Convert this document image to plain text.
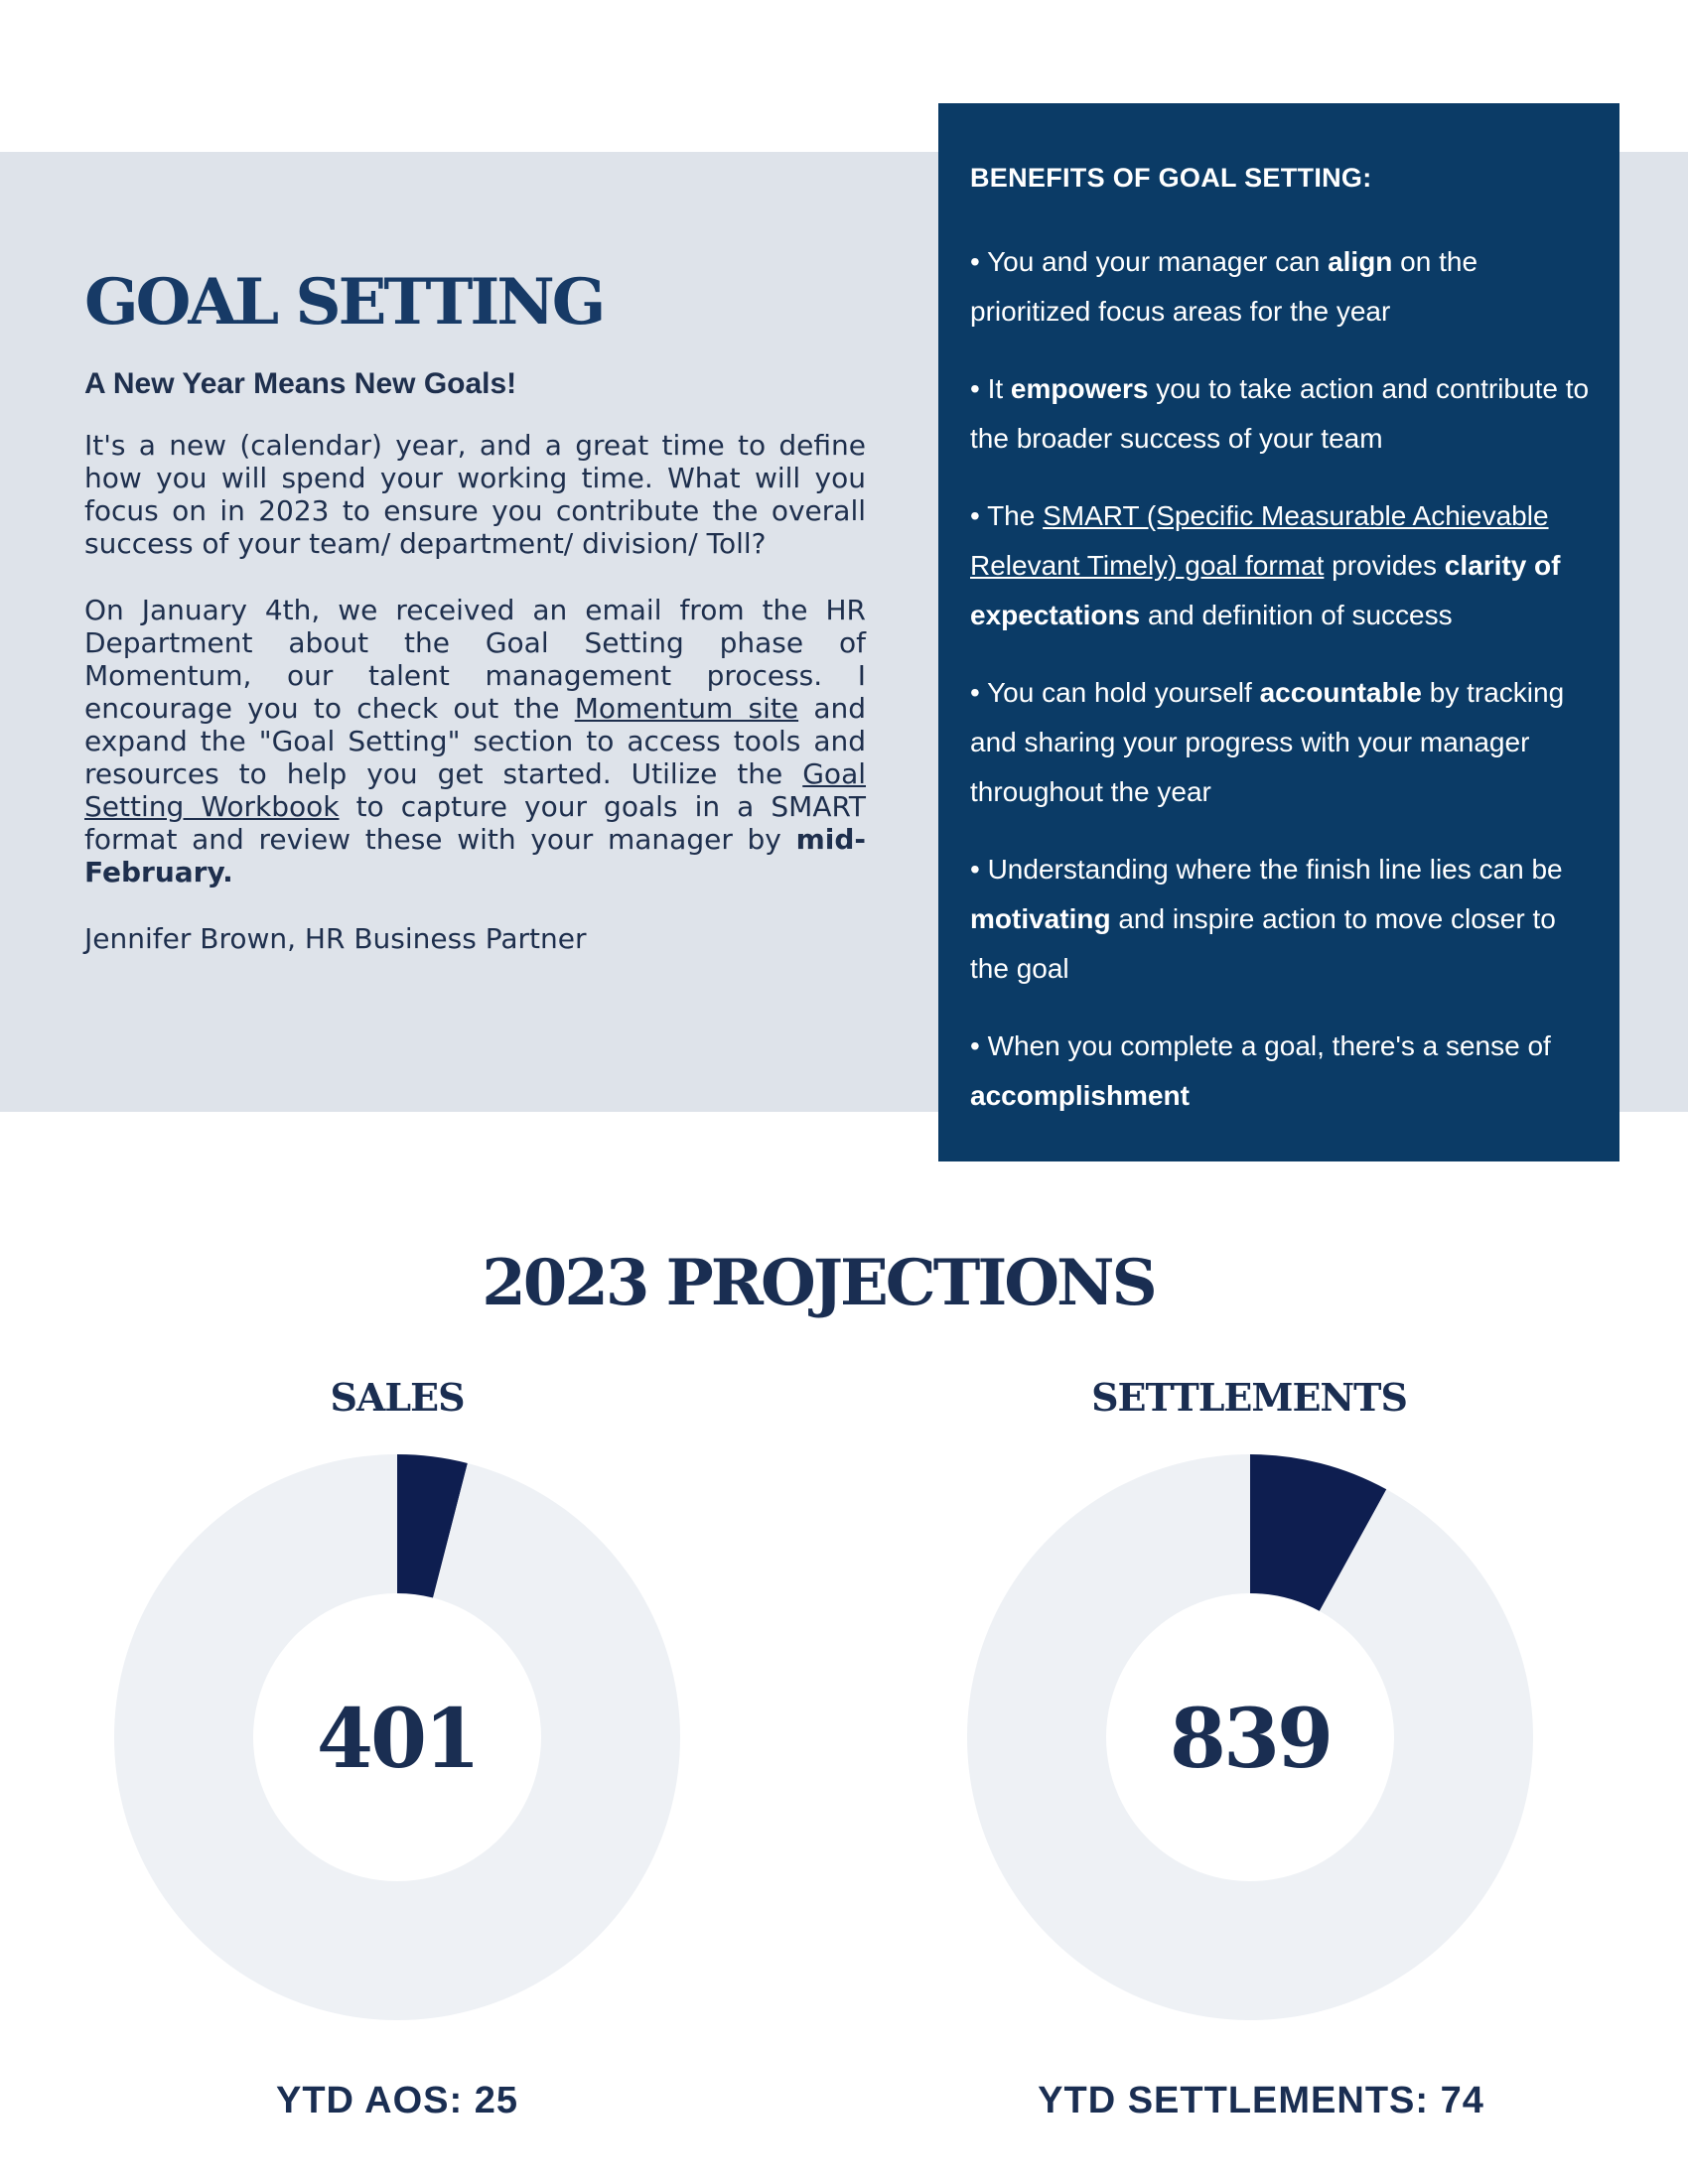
GOAL SETTING

A New Year Means New Goals!

It's a new (calendar) year, and a great time to define how you will spend your working time. What will you focus on in 2023 to ensure you contribute the overall success of your team/ department/ division/ Toll?

On January 4th, we received an email from the HR Department about the Goal Setting phase of Momentum, our talent management process. I encourage you to check out the Momentum site and expand the "Goal Setting" section to access tools and resources to help you get started. Utilize the Goal Setting Workbook to capture your goals in a SMART format and review these with your manager by mid-February.

Jennifer Brown, HR Business Partner

BENEFITS OF GOAL SETTING:
• You and your manager can align on the prioritized focus areas for the year
• It empowers you to take action and contribute to the broader success of your team
• The SMART (Specific Measurable Achievable Relevant Timely) goal format provides clarity of expectations and definition of success
• You can hold yourself accountable by tracking and sharing your progress with your manager throughout the year
• Understanding where the finish line lies can be motivating and inspire action to move closer to the goal
• When you complete a goal, there's a sense of accomplishment
2023 PROJECTIONS
SALES	SETTLEMENTS
401	839
YTD AOS: 25	YTD SETTLEMENTS: 74
